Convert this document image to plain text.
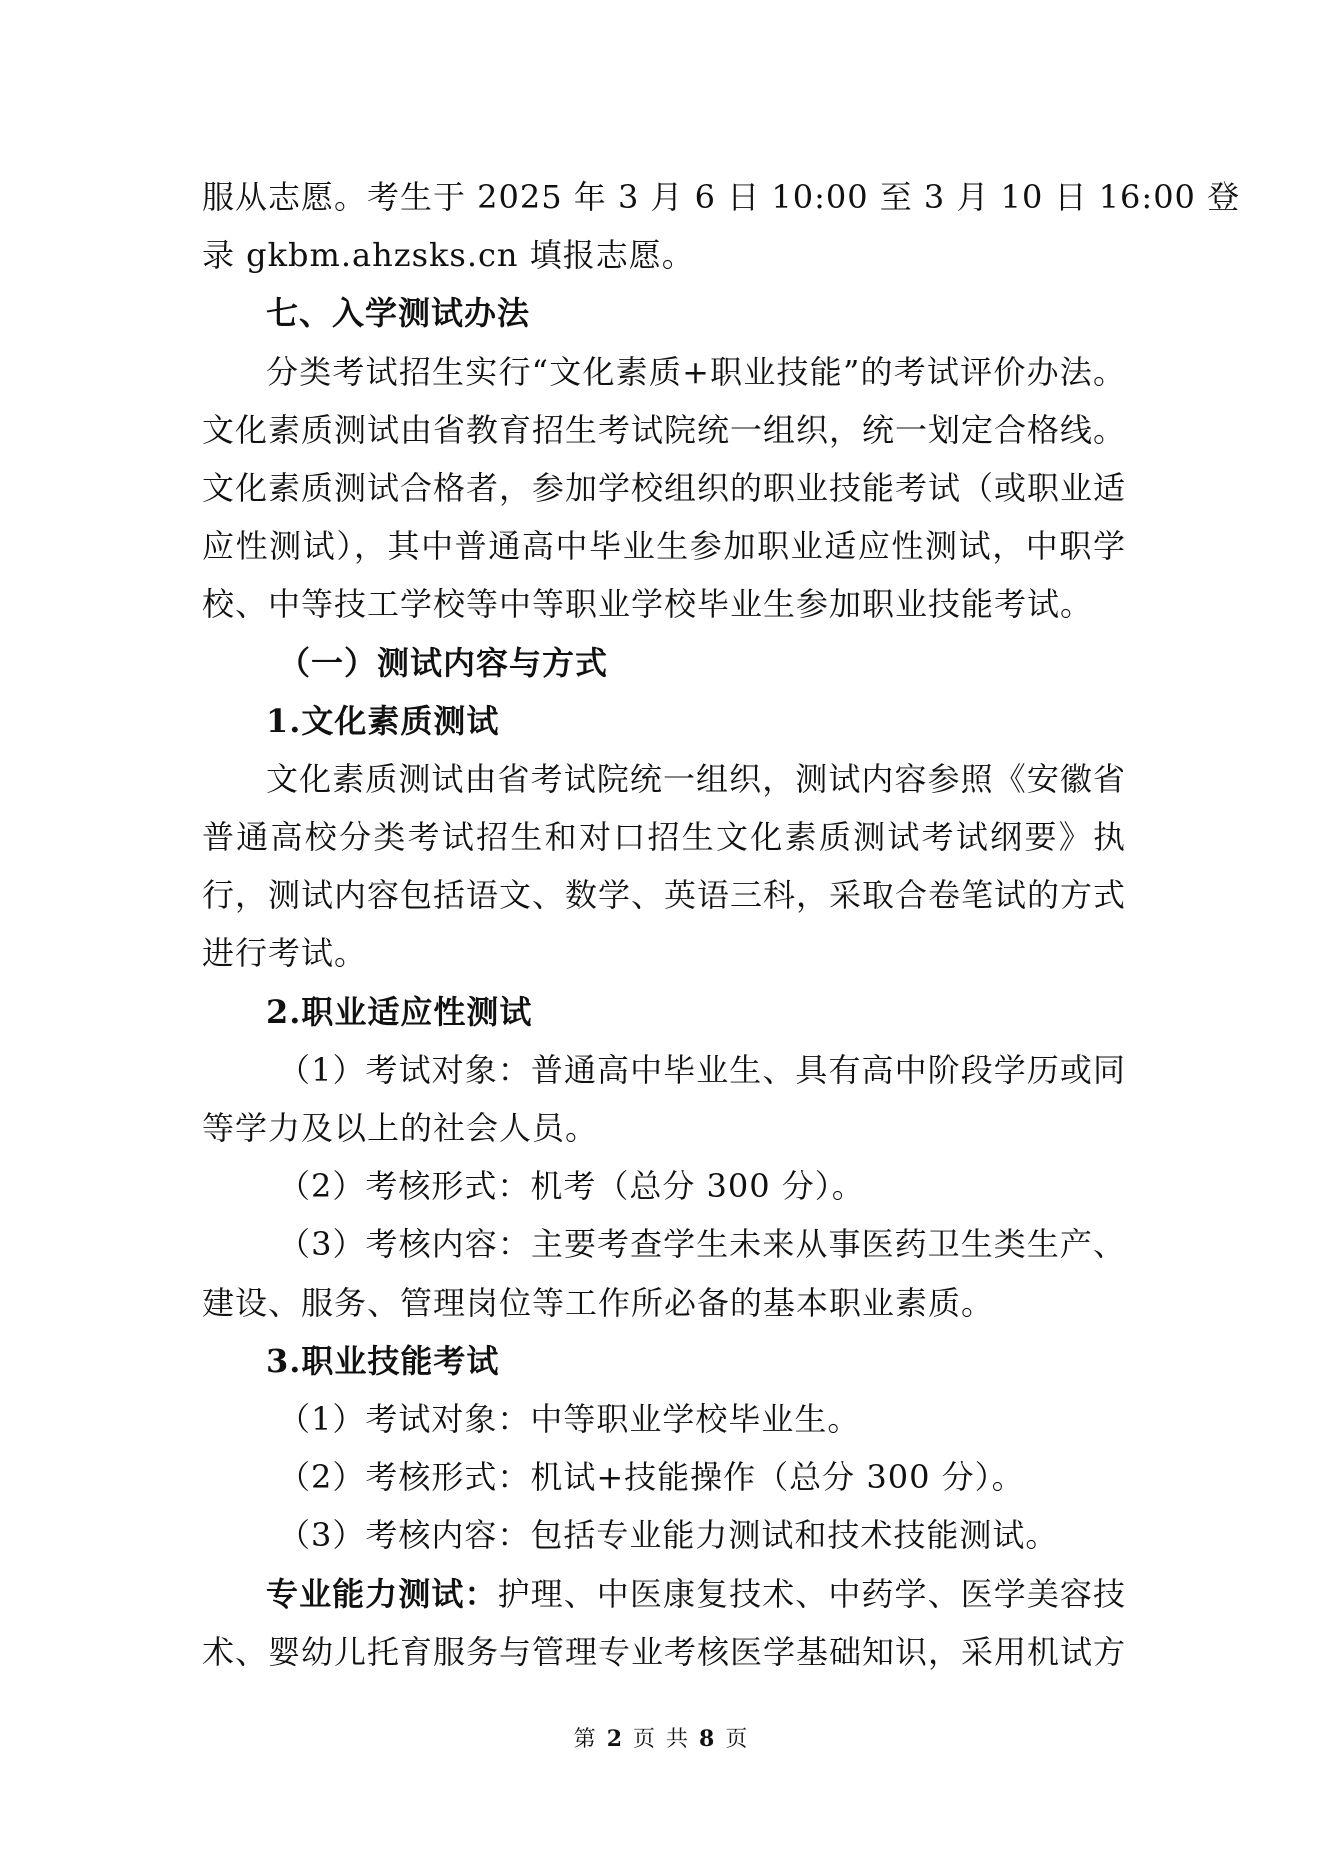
服从志愿。考生于 2025 年 3 月 6 日 10:00 至 3 月 10 日 16:00 登
录 gkbm.ahzsks.cn 填报志愿。
七、入学测试办法
分类考试招生实行“文化素质+职业技能”的考试评价办法。
文化素质测试由省教育招生考试院统一组织，统一划定合格线。
文化素质测试合格者，参加学校组织的职业技能考试（或职业适
应性测试），其中普通高中毕业生参加职业适应性测试，中职学
校、中等技工学校等中等职业学校毕业生参加职业技能考试。
（一）测试内容与方式
1.文化素质测试
文化素质测试由省考试院统一组织，测试内容参照《安徽省
普通高校分类考试招生和对口招生文化素质测试考试纲要》执
行，测试内容包括语文、数学、英语三科，采取合卷笔试的方式
进行考试。
2.职业适应性测试
（1）考试对象：普通高中毕业生、具有高中阶段学历或同
等学力及以上的社会人员。
（2）考核形式：机考（总分 300 分）。
（3）考核内容：主要考查学生未来从事医药卫生类生产、
建设、服务、管理岗位等工作所必备的基本职业素质。
3.职业技能考试
（1）考试对象：中等职业学校毕业生。
（2）考核形式：机试+技能操作（总分 300 分）。
（3）考核内容：包括专业能力测试和技术技能测试。
专业能力测试：护理、中医康复技术、中药学、医学美容技
术、婴幼儿托育服务与管理专业考核医学基础知识，采用机试方
第 2 页 共 8 页
